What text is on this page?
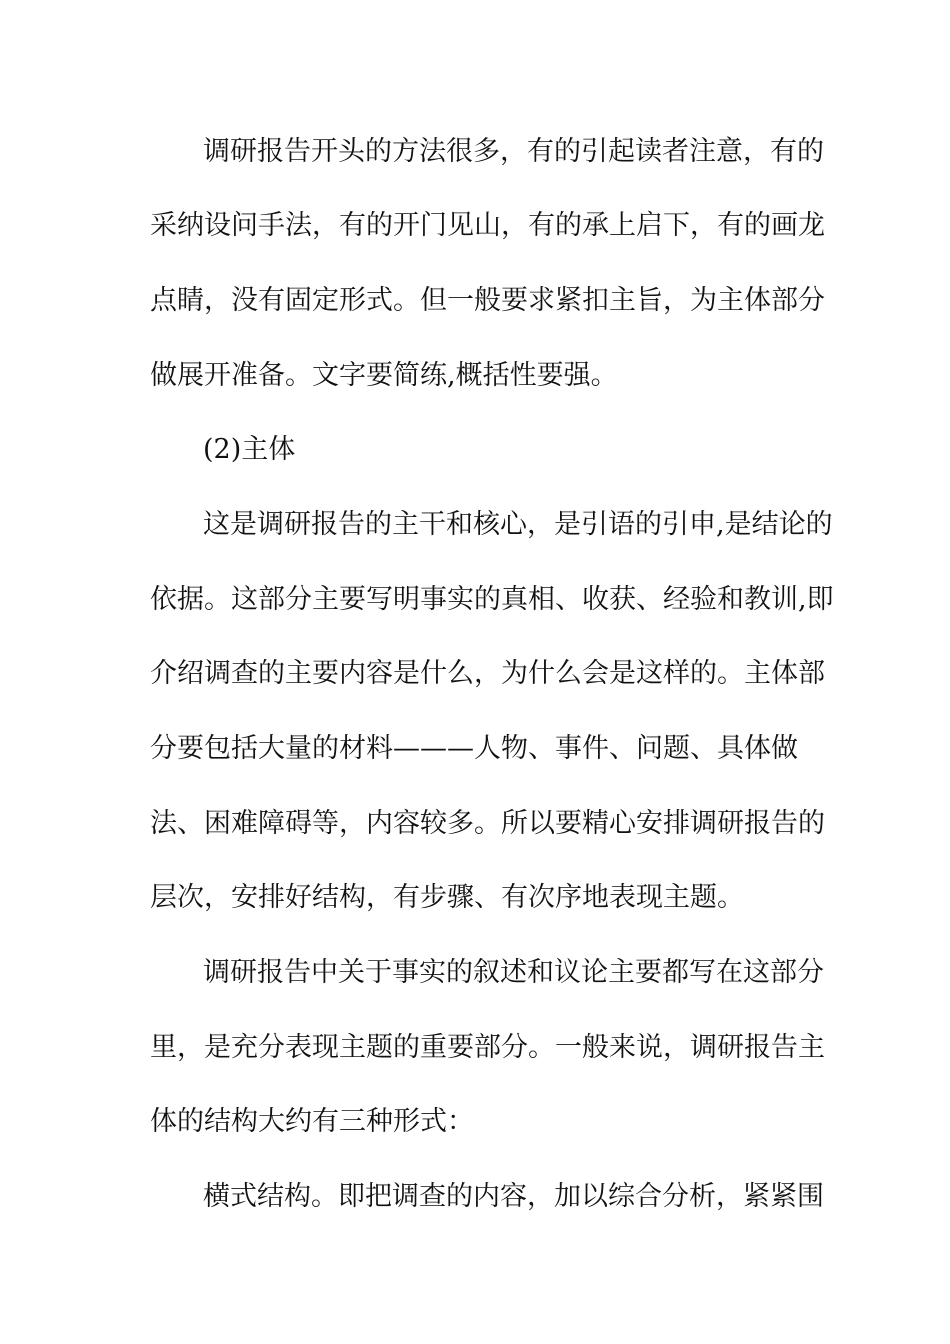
调研报告开头的方法很多，有的引起读者注意，有的
采纳设问手法，有的开门见山，有的承上启下，有的画龙
点睛，没有固定形式。但一般要求紧扣主旨，为主体部分
做展开准备。文字要简练,概括性要强。
(2)主体
这是调研报告的主干和核心，是引语的引申,是结论的
依据。这部分主要写明事实的真相、收获、经验和教训,即
介绍调查的主要内容是什么，为什么会是这样的。主体部
分要包括大量的材料———人物、事件、问题、具体做
法、困难障碍等，内容较多。所以要精心安排调研报告的
层次，安排好结构，有步骤、有次序地表现主题。
调研报告中关于事实的叙述和议论主要都写在这部分
里，是充分表现主题的重要部分。一般来说，调研报告主
体的结构大约有三种形式：
横式结构。即把调查的内容，加以综合分析，紧紧围
